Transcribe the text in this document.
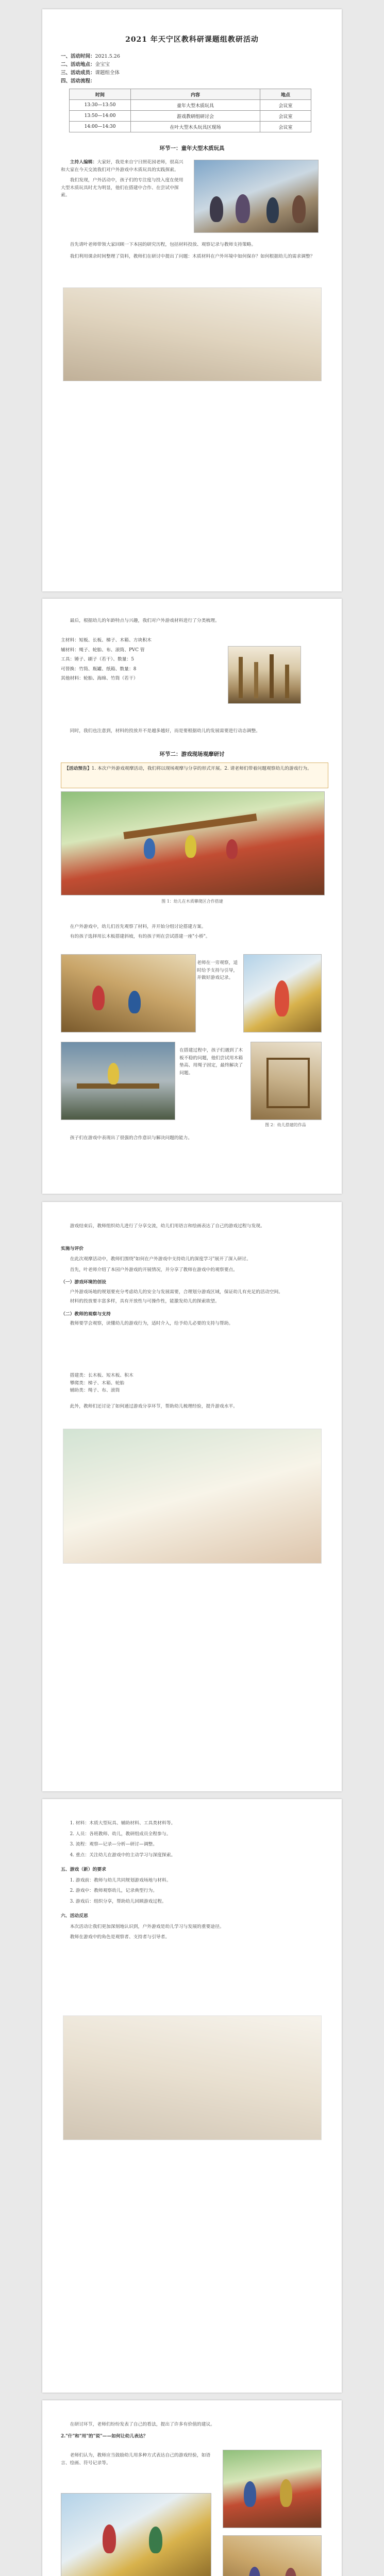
2021 年天宁区教科研课题组教研活动
一、活动时间：2021.5.26
二、活动地点：金宝宝
三、活动成员：课题组全体
四、活动流程：
时间	内容	地点
13:30—13:50	童年大型木质玩具	会议室
13:50—14:00	游戏教研组研讨会	会议室
14:00—14:30	在叶大型木头玩具区现场	会议室
环节一：童年大型木质玩具

主持人编辑：大家好，我是来自宁日照花园老师，很高兴和大家在今天交流我们对户外游戏中木质玩具的实践探索。

我们发现，户外活动中，孩子们的专注度与投入度在使用大型木质玩具时尤为明显，他们在搭建中合作、在尝试中探索。

首先请叶老师带领大家回顾一下本园的研究历程，包括材料投放、观察记录与教师支持策略。

我们利用课余时间整理了资料，教师们在研讨中提出了问题：木质材料在户外环境中如何保存？如何根据幼儿的需求调整？

最后，根据幼儿的年龄特点与兴趣，我们对户外游戏材料进行了分类梳理。

主材料：短板、长板、梯子、木箱、方块积木

辅材料：绳子、轮胎、布、滚筒、PVC 管

工具：锤子、刷子（若干）、数量：5

可替换：竹筒、瓶罐、纸箱、数量：8

其他材料：轮胎、海绵、竹筒（若干）

同时，我们也注意到，材料的投放并不是越多越好，而是要根据幼儿的发展需要进行动态调整。

环节二：游戏现场观摩研讨

【活动预告】1. 本次户外游戏观摩活动，我们将以现场观摩与分享的形式开展。2. 请老师们带着问题观察幼儿的游戏行为。

图 1：幼儿在木质攀爬区合作搭建

在户外游戏中，幼儿们首先观察了材料，并开始分组讨论搭建方案。

有的孩子选择用长木板搭建斜坡，有的孩子则在尝试搭建一座"小桥"。

老师在一旁观察，适时给予支持与引导，并做好游戏记录。

在搭建过程中，孩子们遇到了木板不稳的问题，他们尝试用木箱垫高、用绳子固定，最终解决了问题。

图 2：幼儿搭建的作品

孩子们在游戏中表现出了很强的合作意识与解决问题的能力。

游戏结束后，教师组织幼儿进行了分享交流，幼儿们用语言和绘画表达了自己的游戏过程与发现。

实施与评价

在此次观摩活动中，教师们围绕"如何在户外游戏中支持幼儿的深度学习"展开了深入研讨。

首先，叶老师介绍了本园户外游戏的开展情况，并分享了教师在游戏中的观察要点。

（一）游戏环境的创设

户外游戏场地的规划要充分考虑幼儿的安全与发展需要，合理划分游戏区域，保证幼儿有充足的活动空间。

材料的投放要丰富多样，具有开放性与可操作性，能激发幼儿的探索欲望。

（二）教师的观察与支持

教师要学会观察，读懂幼儿的游戏行为，适时介入，给予幼儿必要的支持与帮助。

搭建类：长木板、短木板、积木

攀爬类：梯子、木箱、轮胎

辅助类：绳子、布、滚筒

此外，教师们还讨论了如何通过游戏分享环节，帮助幼儿梳理经验，提升游戏水平。

1. 材料：木质大型玩具、辅助材料、工具类材料等。

2. 人员：各班教师、幼儿，教研组成员全程参与。

3. 流程：观察—记录—分析—研讨—调整。

4. 重点：关注幼儿在游戏中的主动学习与深度探索。

五、游戏（新）的要求

1. 游戏前：教师与幼儿共同规划游戏场地与材料。

2. 游戏中：教师观察幼儿，记录典型行为。

3. 游戏后：组织分享，帮助幼儿回顾游戏过程。

六、活动反思

本次活动让我们更加深刻地认识到，户外游戏是幼儿学习与发展的重要途径。

教师在游戏中的角色是观察者、支持者与引导者。

在研讨环节，老师们纷纷发表了自己的看法，提出了许多有价值的建议。

2."什"和"用"的"说"——如何让幼儿表达？

老师们认为，教师应当鼓励幼儿用多种方式表达自己的游戏经验，如语言、绘画、符号记录等。
